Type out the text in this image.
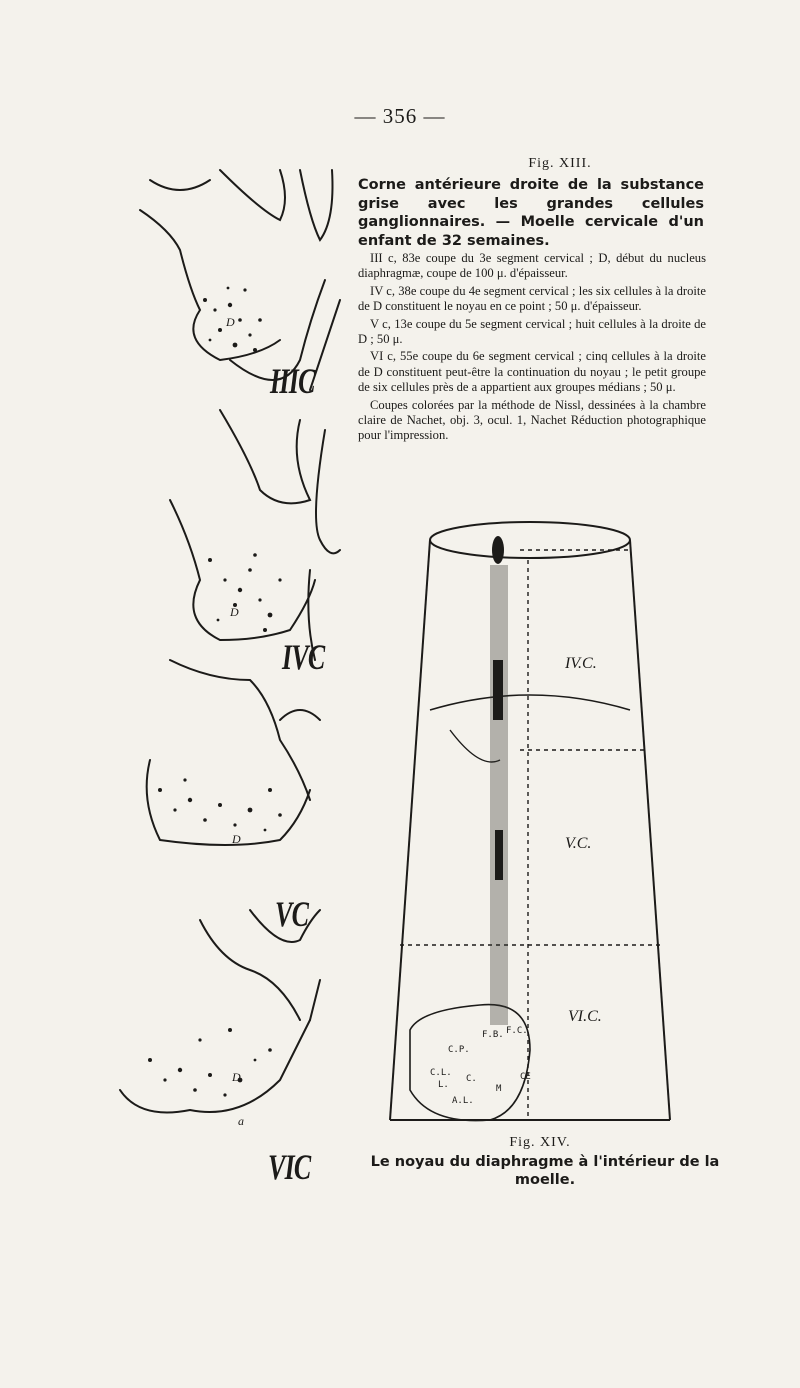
— 356 —
D
D
D
D
a
IIIC
IVC
VC
VIC
Fig. XIII.
Corne antérieure droite de la substance grise avec les grandes cellules ganglionnaires. — Moelle cervicale d'un enfant de 32 semaines.

III c, 83e coupe du 3e segment cervical ; D, début du nucleus diaphragmæ, coupe de 100 μ. d'épaisseur.

IV c, 38e coupe du 4e segment cervical ; les six cellules à la droite de D constituent le noyau en ce point ; 50 μ. d'épaisseur.

V c, 13e coupe du 5e segment cervical ; huit cellules à la droite de D ; 50 μ.

VI c, 55e coupe du 6e segment cervical ; cinq cellules à la droite de D constituent peut-être la continuation du noyau ; le petit groupe de six cellules près de a appartient aux groupes médians ; 50 μ.

Coupes colorées par la méthode de Nissl, dessinées à la chambre claire de Nachet, obj. 3, ocul. 1, Nachet Réduction photographique pour l'impression.

IV.C.
V.C.
VI.C.
F.B. F.C.
C.P.
C.L.
L.
C.
A.L.
M
CE
Fig. XIV.
Le noyau du diaphragme à l'intérieur de la moelle.
